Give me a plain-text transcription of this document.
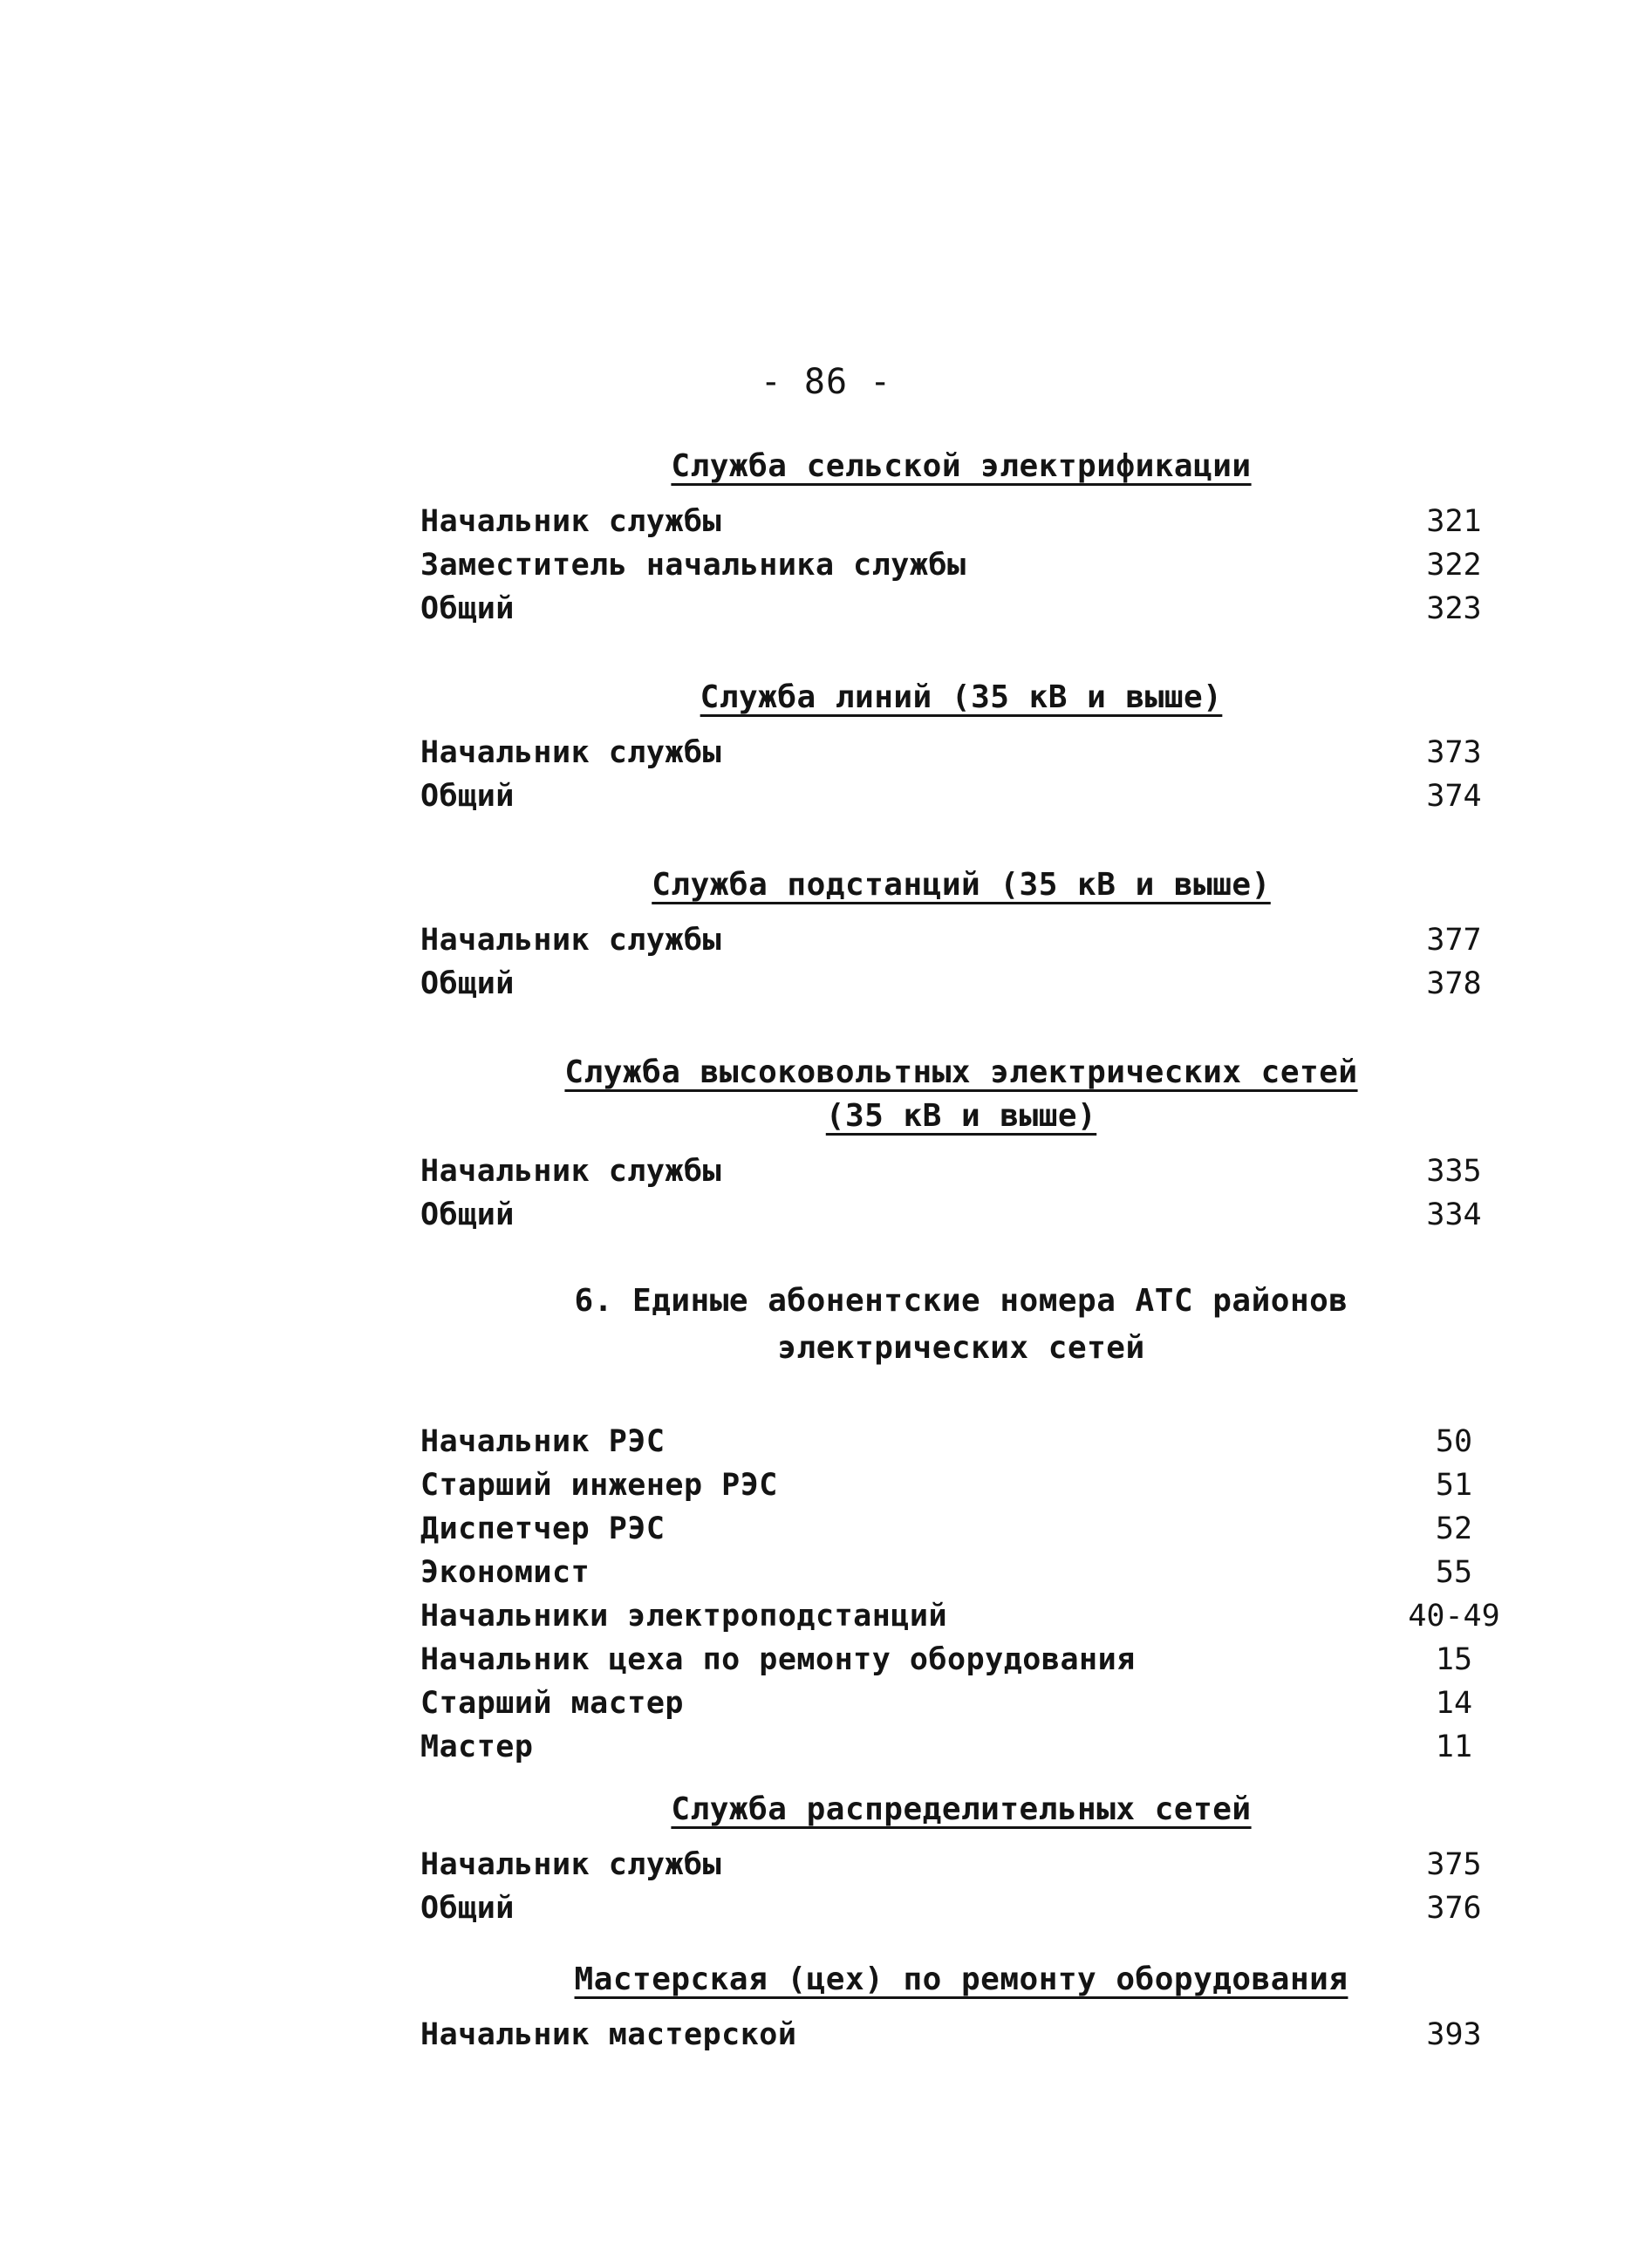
- 86 -
Служба сельской электрификации
Начальник службы	321
Заместитель начальника службы	322
Общий	323
Служба линий (35 кВ и выше)
Начальник службы	373
Общий	374
Служба подстанций (35 кВ и выше)
Начальник службы	377
Общий	378
Служба высоковольтных электрических сетей
(35 кВ и выше)
Начальник службы	335
Общий	334
6. Единые абонентские номера АТС районов
электрических сетей
Начальник РЭС	50
Старший инженер РЭС	51
Диспетчер РЭС	52
Экономист	55
Начальники электроподстанций	40-49
Начальник цеха по ремонту оборудования	15
Старший мастер	14
Мастер	11
Служба распределительных сетей
Начальник службы	375
Общий	376
Мастерская (цех) по ремонту оборудования
Начальник мастерской	393
